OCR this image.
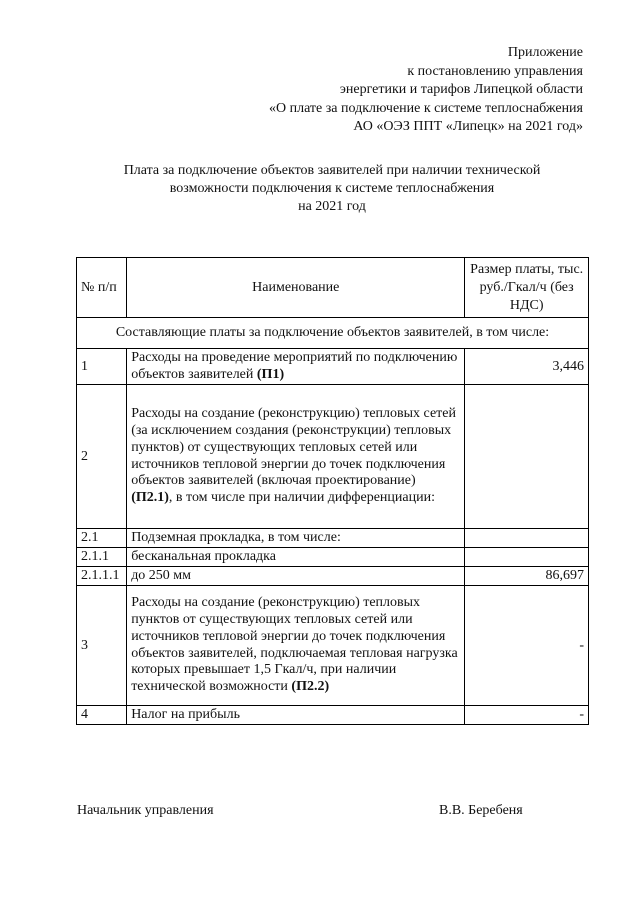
Приложение
к постановлению управления
энергетики и тарифов Липецкой области
«О плате за подключение к системе теплоснабжения
АО «ОЭЗ ППТ «Липецк» на 2021 год»
Плата за подключение объектов заявителей при наличии технической
возможности подключения к системе теплоснабжения
на 2021 год
№ п/п	Наименование	Размер платы, тыс. руб./Гкал/ч (без НДС)
Составляющие платы за подключение объектов заявителей, в том числе:		
1	Расходы на проведение мероприятий по подключению объектов заявителей (П1)	3,446
2	Расходы на создание (реконструкцию) тепловых сетей (за исключением создания (реконструкции) тепловых пунктов) от существующих тепловых сетей или источников тепловой энергии до точек подключения объектов заявителей (включая проектирование) (П2.1), в том числе при наличии дифференциации:	
2.1	Подземная прокладка, в том числе:	
2.1.1	бесканальная прокладка	
2.1.1.1	до 250 мм	86,697
3	Расходы на создание (реконструкцию) тепловых пунктов от существующих тепловых сетей или источников тепловой энергии до точек подключения объектов заявителей, подключаемая тепловая нагрузка которых превышает 1,5 Гкал/ч, при наличии технической возможности (П2.2)	-
4	Налог на прибыль	-
Начальник управления	В.В. Беребеня
